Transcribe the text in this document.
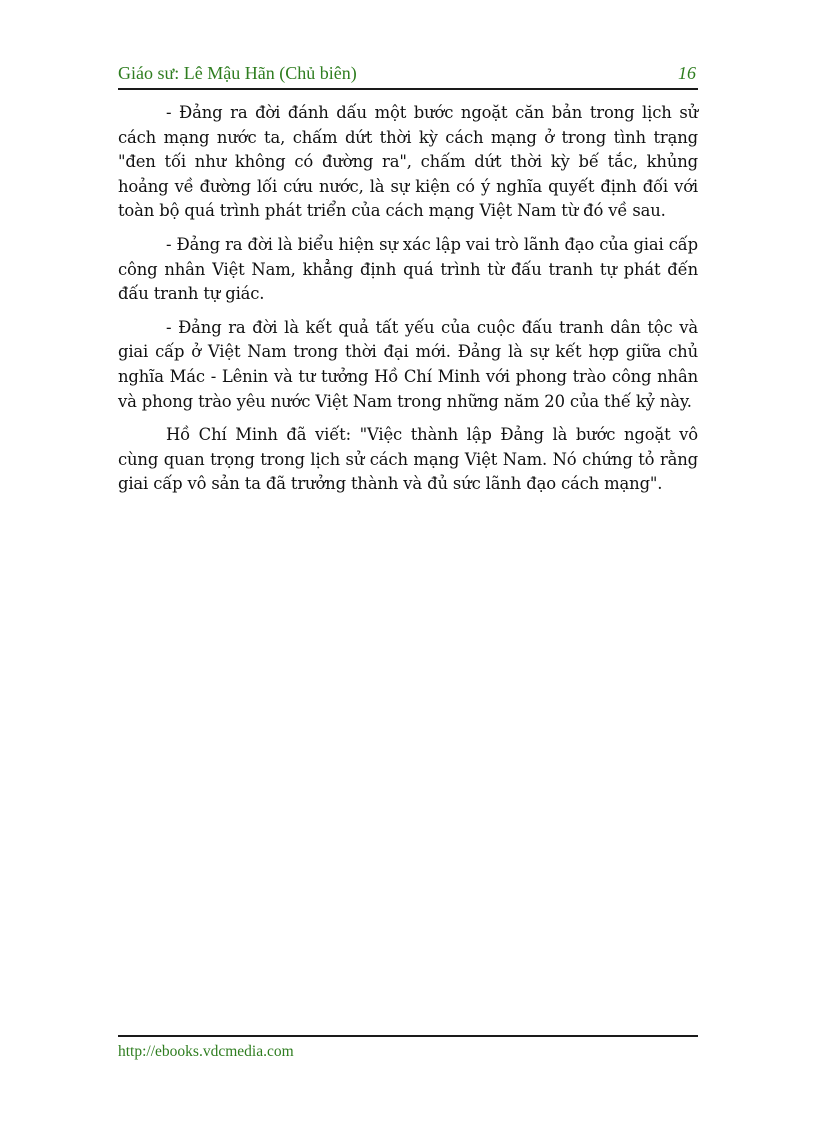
Giáo sư: Lê Mậu Hãn (Chủ biên)	16

- Đảng ra đời đánh dấu một bước ngoặt căn bản trong lịch sử cách mạng nước ta, chấm dứt thời kỳ cách mạng ở trong tình trạng "đen tối như không có đường ra", chấm dứt thời kỳ bế tắc, khủng hoảng về đường lối cứu nước, là sự kiện có ý nghĩa quyết định đối với toàn bộ quá trình phát triển của cách mạng Việt Nam từ đó về sau.

- Đảng ra đời là biểu hiện sự xác lập vai trò lãnh đạo của giai cấp công nhân Việt Nam, khẳng định quá trình từ đấu tranh tự phát đến đấu tranh tự giác.

- Đảng ra đời là kết quả tất yếu của cuộc đấu tranh dân tộc và giai cấp ở Việt Nam trong thời đại mới. Đảng là sự kết hợp giữa chủ nghĩa Mác - Lênin và tư tưởng Hồ Chí Minh với phong trào công nhân và phong trào yêu nước Việt Nam trong những năm 20 của thế kỷ này.

Hồ Chí Minh đã viết: "Việc thành lập Đảng là bước ngoặt vô cùng quan trọng trong lịch sử cách mạng Việt Nam. Nó chứng tỏ rằng giai cấp vô sản ta đã trưởng thành và đủ sức lãnh đạo cách mạng".

http://ebooks.vdcmedia.com
